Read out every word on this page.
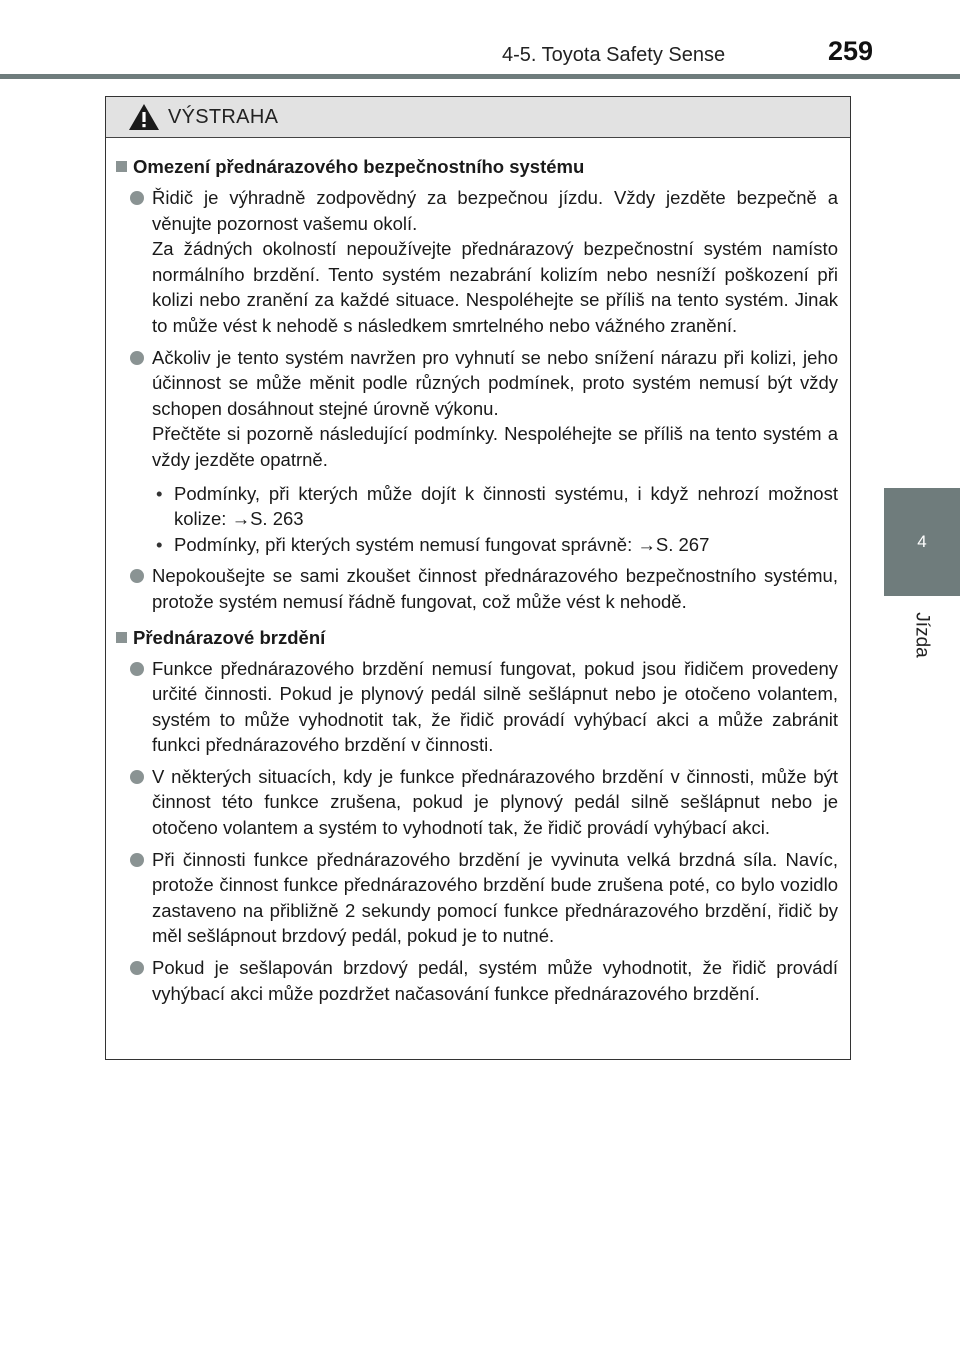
4-5. Toyota Safety Sense	259
4
Jízda
VÝSTRAHA
Omezení přednárazového bezpečnostního systému

Řidič je výhradně zodpovědný za bezpečnou jízdu. Vždy jezděte bezpečně a věnujte pozornost vašemu okolí.

Za žádných okolností nepoužívejte přednárazový bezpečnostní systém namísto normálního brzdění. Tento systém nezabrání kolizím nebo nesníží poškození při kolizi nebo zranění za každé situace. Nespoléhejte se příliš na tento systém. Jinak to může vést k nehodě s následkem smrtelného nebo vážného zranění.

Ačkoliv je tento systém navržen pro vyhnutí se nebo snížení nárazu při kolizi, jeho účinnost se může měnit podle různých podmínek, proto systém nemusí být vždy schopen dosáhnout stejné úrovně výkonu.

Přečtěte si pozorně následující podmínky. Nespoléhejte se příliš na tento systém a vždy jezděte opatrně.

• Podmínky, při kterých může dojít k činnosti systému, i když nehrozí možnost kolize: →S. 263
• Podmínky, při kterých systém nemusí fungovat správně: →S. 267

Nepokoušejte se sami zkoušet činnost přednárazového bezpečnostního systému, protože systém nemusí řádně fungovat, což může vést k nehodě.

Přednárazové brzdění

Funkce přednárazového brzdění nemusí fungovat, pokud jsou řidičem provedeny určité činnosti. Pokud je plynový pedál silně sešlápnut nebo je otočeno volantem, systém to může vyhodnotit tak, že řidič provádí vyhýbací akci a může zabránit funkci přednárazového brzdění v činnosti.

V některých situacích, kdy je funkce přednárazového brzdění v činnosti, může být činnost této funkce zrušena, pokud je plynový pedál silně sešlápnut nebo je otočeno volantem a systém to vyhodnotí tak, že řidič provádí vyhýbací akci.

Při činnosti funkce přednárazového brzdění je vyvinuta velká brzdná síla. Navíc, protože činnost funkce přednárazového brzdění bude zrušena poté, co bylo vozidlo zastaveno na přibližně 2 sekundy pomocí funkce přednárazového brzdění, řidič by měl sešlápnout brzdový pedál, pokud je to nutné.

Pokud je sešlapován brzdový pedál, systém může vyhodnotit, že řidič provádí vyhýbací akci může pozdržet načasování funkce přednárazového brzdění.
